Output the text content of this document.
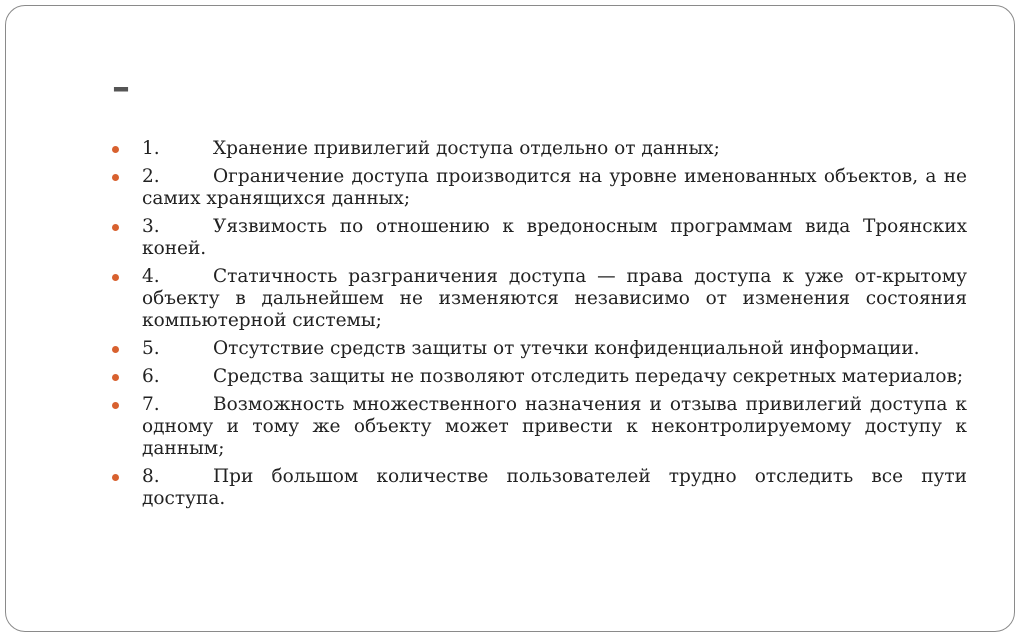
–
1.	Хранение привилегий доступа отдельно от данных;
2.	Ограничение доступа производится на уровне именованных объектов, а не самих хранящихся данных;
3.	Уязвимость по отношению к вредоносным программам вида Троянских коней.
4.	Статичность разграничения доступа — права доступа к уже от-крытому объекту в дальнейшем не изменяются независимо от изменения состояния компьютерной системы;
5.	Отсутствие средств защиты от утечки конфиденциальной информации.
6.	Средства защиты не позволяют отследить передачу секретных материалов;
7.	Возможность множественного назначения и отзыва привилегий доступа к одному и тому же объекту может привести к неконтролируемому доступу к данным;
8.	При большом количестве пользователей трудно отследить все пути доступа.
